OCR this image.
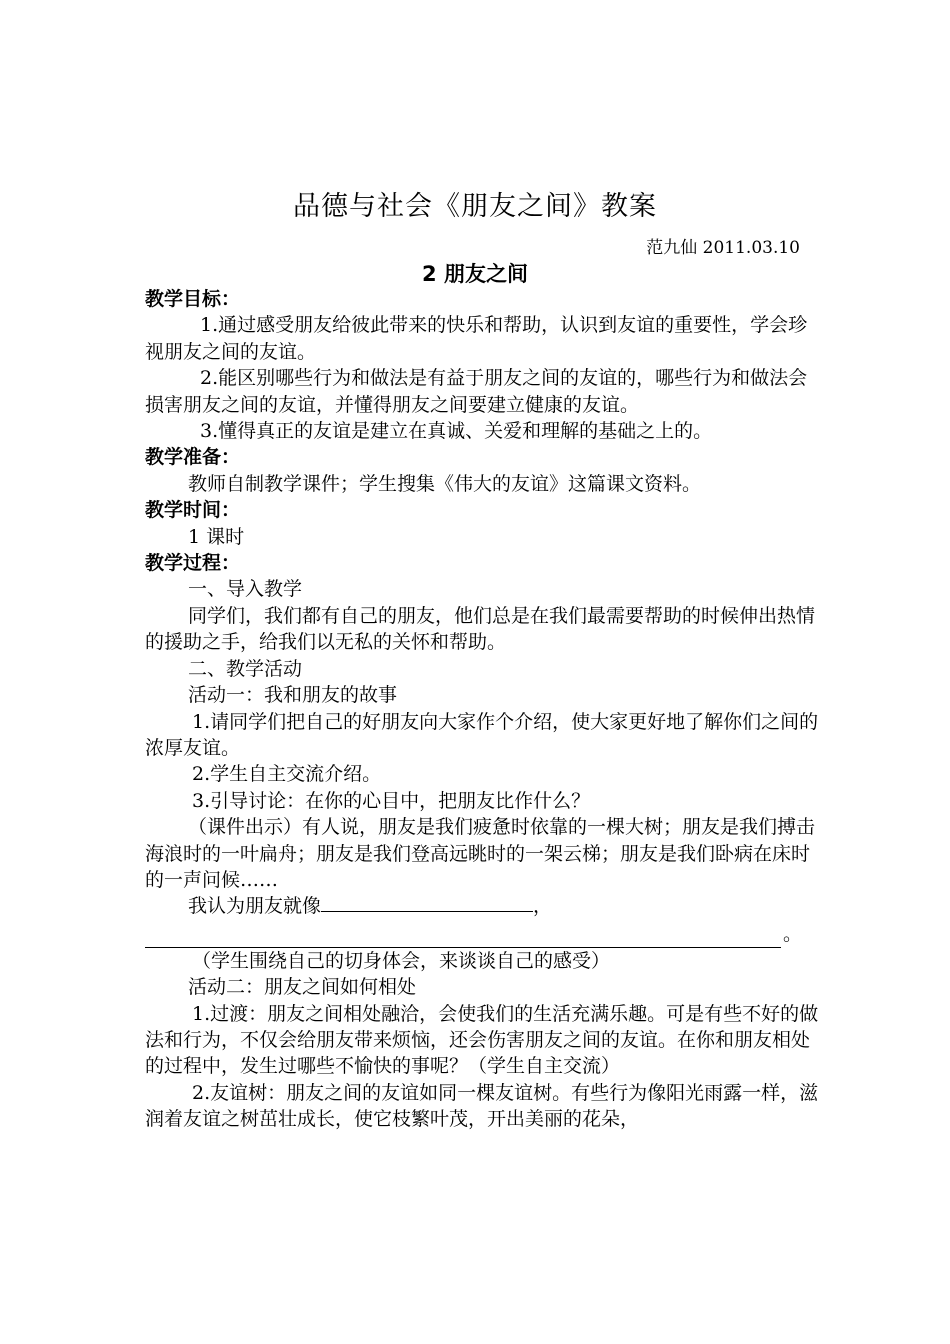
品德与社会《朋友之间》教案
范九仙 2011.03.10
2 朋友之间

教学目标：

1.通过感受朋友给彼此带来的快乐和帮助，认识到友谊的重要性，学会珍视朋友之间的友谊。

2.能区别哪些行为和做法是有益于朋友之间的友谊的，哪些行为和做法会损害朋友之间的友谊，并懂得朋友之间要建立健康的友谊。

3.懂得真正的友谊是建立在真诚、关爱和理解的基础之上的。

教学准备：

教师自制教学课件；学生搜集《伟大的友谊》这篇课文资料。

教学时间：

1 课时

教学过程：

一、导入教学

同学们，我们都有自己的朋友，他们总是在我们最需要帮助的时候伸出热情的援助之手，给我们以无私的关怀和帮助。

二、教学活动

活动一：我和朋友的故事

1.请同学们把自己的好朋友向大家作个介绍，使大家更好地了解你们之间的浓厚友谊。

2.学生自主交流介绍。

3.引导讨论：在你的心目中，把朋友比作什么？

（课件出示）有人说，朋友是我们疲惫时依靠的一棵大树；朋友是我们搏击海浪时的一叶扁舟；朋友是我们登高远眺时的一架云梯；朋友是我们卧病在床时的一声问候……

我认为朋友就像	，

。

（学生围绕自己的切身体会，来谈谈自己的感受）

活动二：朋友之间如何相处

1.过渡：朋友之间相处融洽，会使我们的生活充满乐趣。可是有些不好的做法和行为，不仅会给朋友带来烦恼，还会伤害朋友之间的友谊。在你和朋友相处的过程中，发生过哪些不愉快的事呢？（学生自主交流）

2.友谊树：朋友之间的友谊如同一棵友谊树。有些行为像阳光雨露一样，滋润着友谊之树茁壮成长，使它枝繁叶茂，开出美丽的花朵，
